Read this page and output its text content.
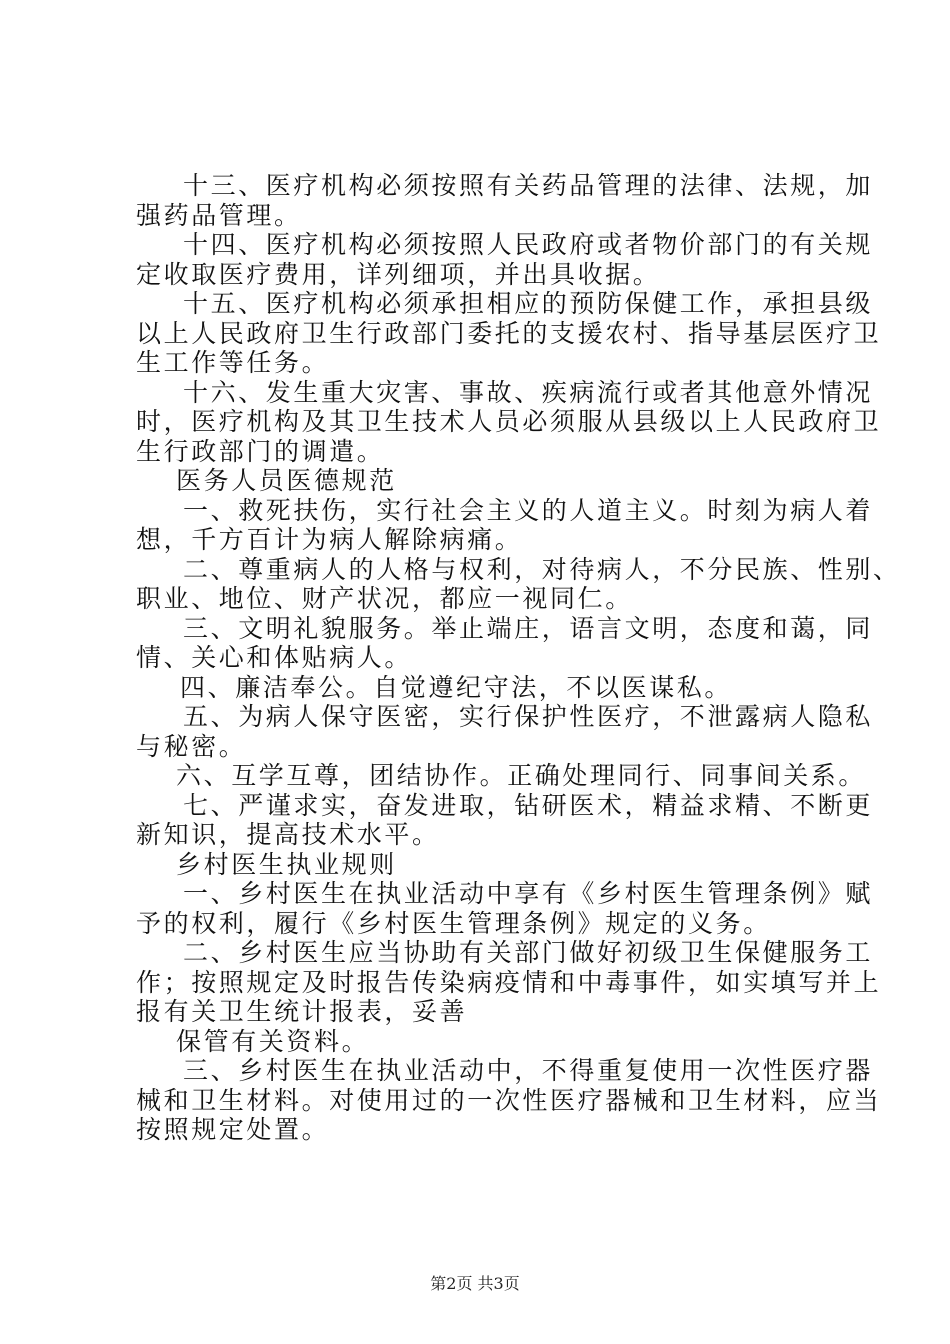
十三、医疗机构必须按照有关药品管理的法律、法规，加
强药品管理。
十四、医疗机构必须按照人民政府或者物价部门的有关规
定收取医疗费用，详列细项，并出具收据。
十五、医疗机构必须承担相应的预防保健工作，承担县级
以上人民政府卫生行政部门委托的支援农村、指导基层医疗卫
生工作等任务。
十六、发生重大灾害、事故、疾病流行或者其他意外情况
时，医疗机构及其卫生技术人员必须服从县级以上人民政府卫
生行政部门的调遣。
医务人员医德规范
一、救死扶伤，实行社会主义的人道主义。时刻为病人着
想，千方百计为病人解除病痛。
二、尊重病人的人格与权利，对待病人，不分民族、性别、
职业、地位、财产状况，都应一视同仁。
三、文明礼貌服务。举止端庄，语言文明，态度和蔼，同
情、关心和体贴病人。
四、廉洁奉公。自觉遵纪守法，不以医谋私。
五、为病人保守医密，实行保护性医疗，不泄露病人隐私
与秘密。
六、互学互尊，团结协作。正确处理同行、同事间关系。
七、严谨求实，奋发进取，钻研医术，精益求精、不断更
新知识，提高技术水平。
乡村医生执业规则
一、乡村医生在执业活动中享有《乡村医生管理条例》赋
予的权利，履行《乡村医生管理条例》规定的义务。
二、乡村医生应当协助有关部门做好初级卫生保健服务工
作；按照规定及时报告传染病疫情和中毒事件，如实填写并上
报有关卫生统计报表，妥善
保管有关资料。
三、乡村医生在执业活动中，不得重复使用一次性医疗器
械和卫生材料。对使用过的一次性医疗器械和卫生材料，应当
按照规定处置。
第2页 共3页
